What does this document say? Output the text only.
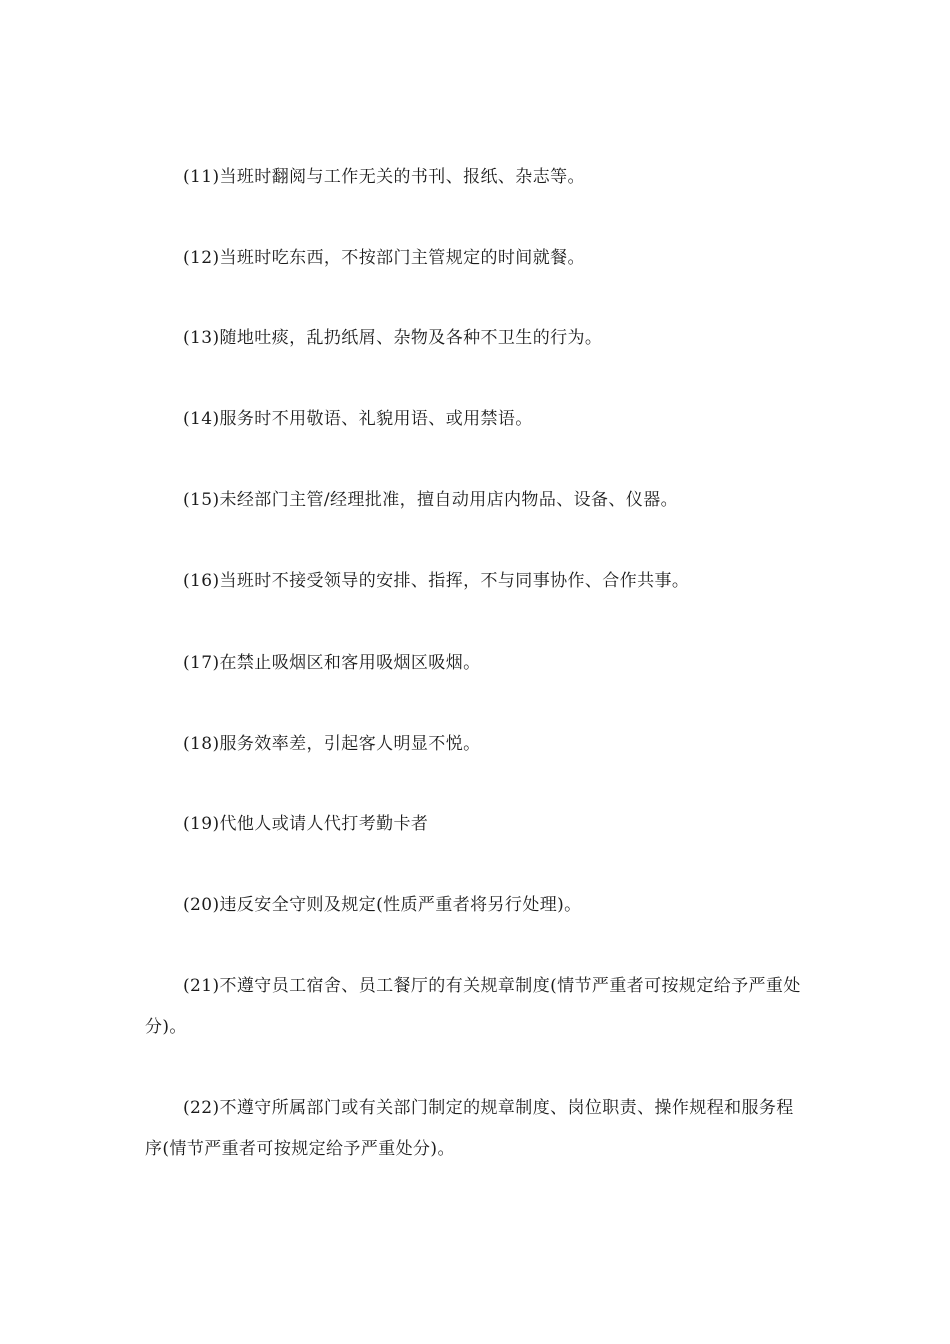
(11)当班时翻阅与工作无关的书刊、报纸、杂志等。

(12)当班时吃东西，不按部门主管规定的时间就餐。

(13)随地吐痰，乱扔纸屑、杂物及各种不卫生的行为。

(14)服务时不用敬语、礼貌用语、或用禁语。

(15)未经部门主管/经理批准，擅自动用店内物品、设备、仪器。

(16)当班时不接受领导的安排、指挥，不与同事协作、合作共事。

(17)在禁止吸烟区和客用吸烟区吸烟。

(18)服务效率差，引起客人明显不悦。

(19)代他人或请人代打考勤卡者

(20)违反安全守则及规定(性质严重者将另行处理)。

(21)不遵守员工宿舍、员工餐厅的有关规章制度(情节严重者可按规定给予严重处分)。

(22)不遵守所属部门或有关部门制定的规章制度、岗位职责、操作规程和服务程序(情节严重者可按规定给予严重处分)。
